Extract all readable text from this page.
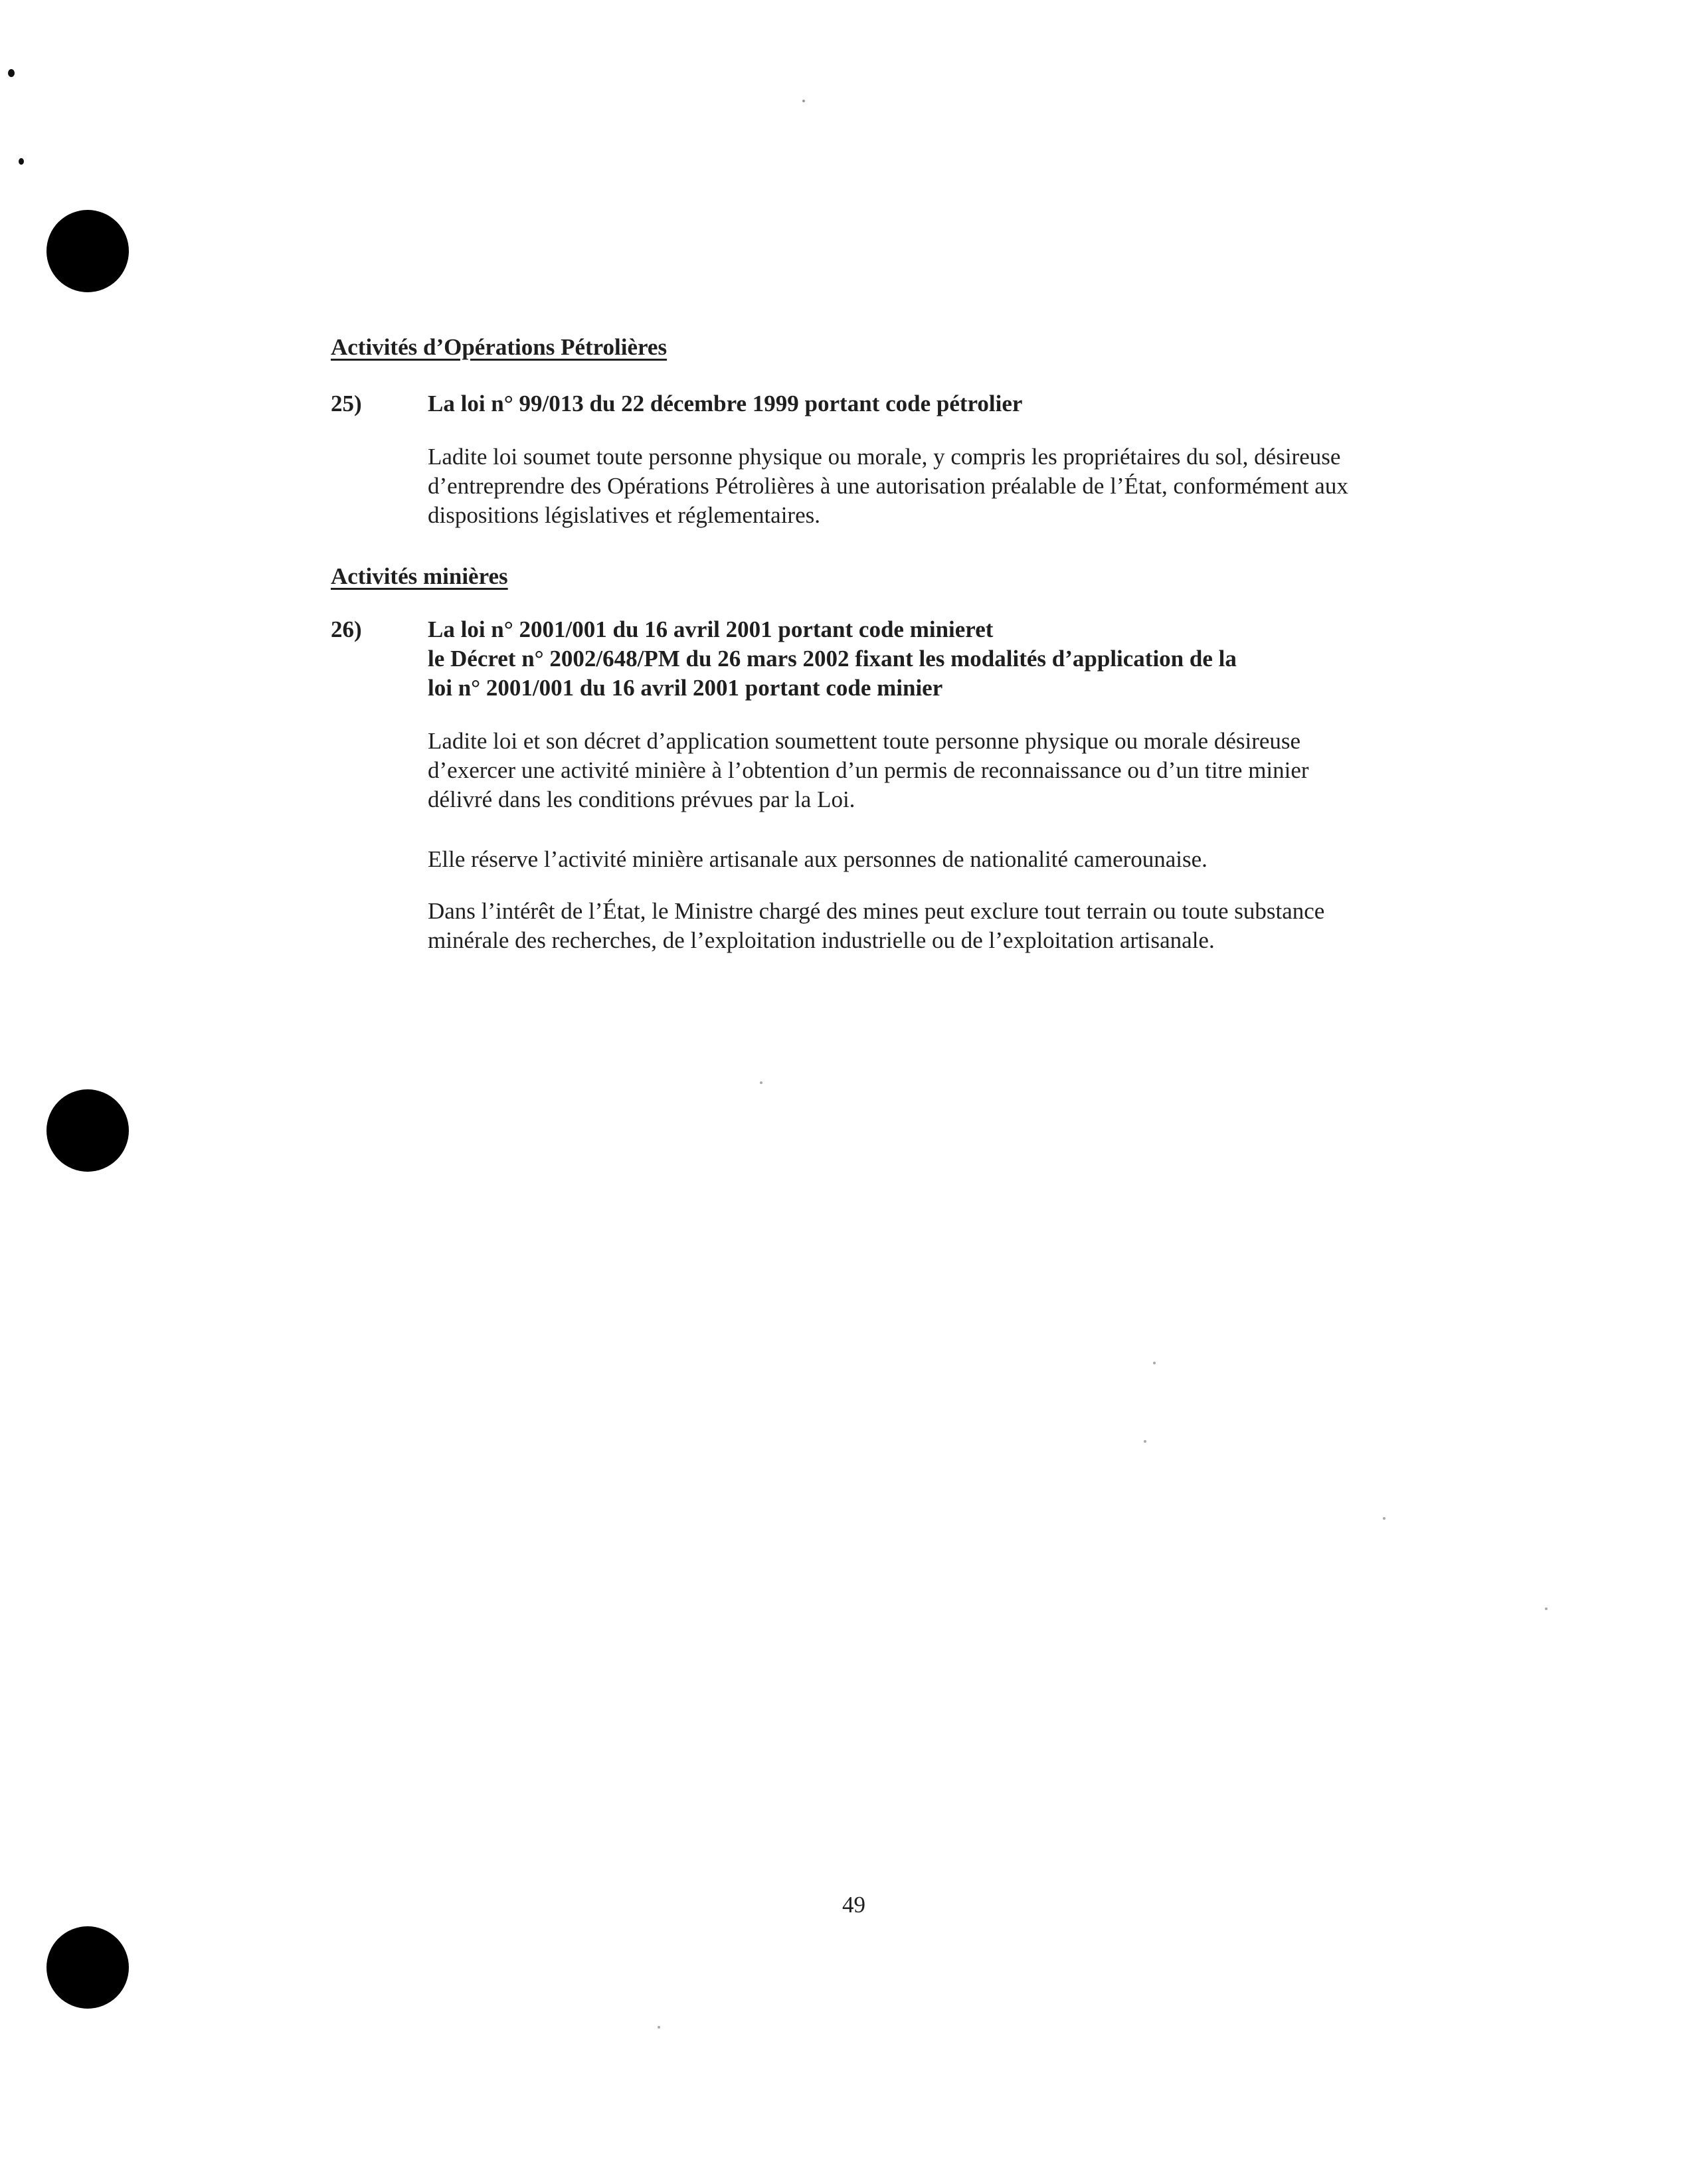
Activités d’Opérations Pétrolières
25)	La loi n° 99/013 du 22 décembre 1999 portant code pétrolier
Ladite loi soumet toute personne physique ou morale, y compris les propriétaires du sol, désireuse d’entreprendre des Opérations Pétrolières à une autorisation préalable de l’État, conformément aux dispositions législatives et réglementaires.
Activités minières
26)	La loi n° 2001/001 du 16 avril 2001 portant code minieret
le Décret n° 2002/648/PM du 26 mars 2002 fixant les modalités d’application de la
loi n° 2001/001 du 16 avril 2001 portant code minier
Ladite loi et son décret d’application soumettent toute personne physique ou morale désireuse d’exercer une activité minière à l’obtention d’un permis de reconnaissance ou d’un titre minier délivré dans les conditions prévues par la Loi.
Elle réserve l’activité minière artisanale aux personnes de nationalité camerounaise.
Dans l’intérêt de l’État, le Ministre chargé des mines peut exclure tout terrain ou toute substance minérale des recherches, de l’exploitation industrielle ou de l’exploitation artisanale.
49
